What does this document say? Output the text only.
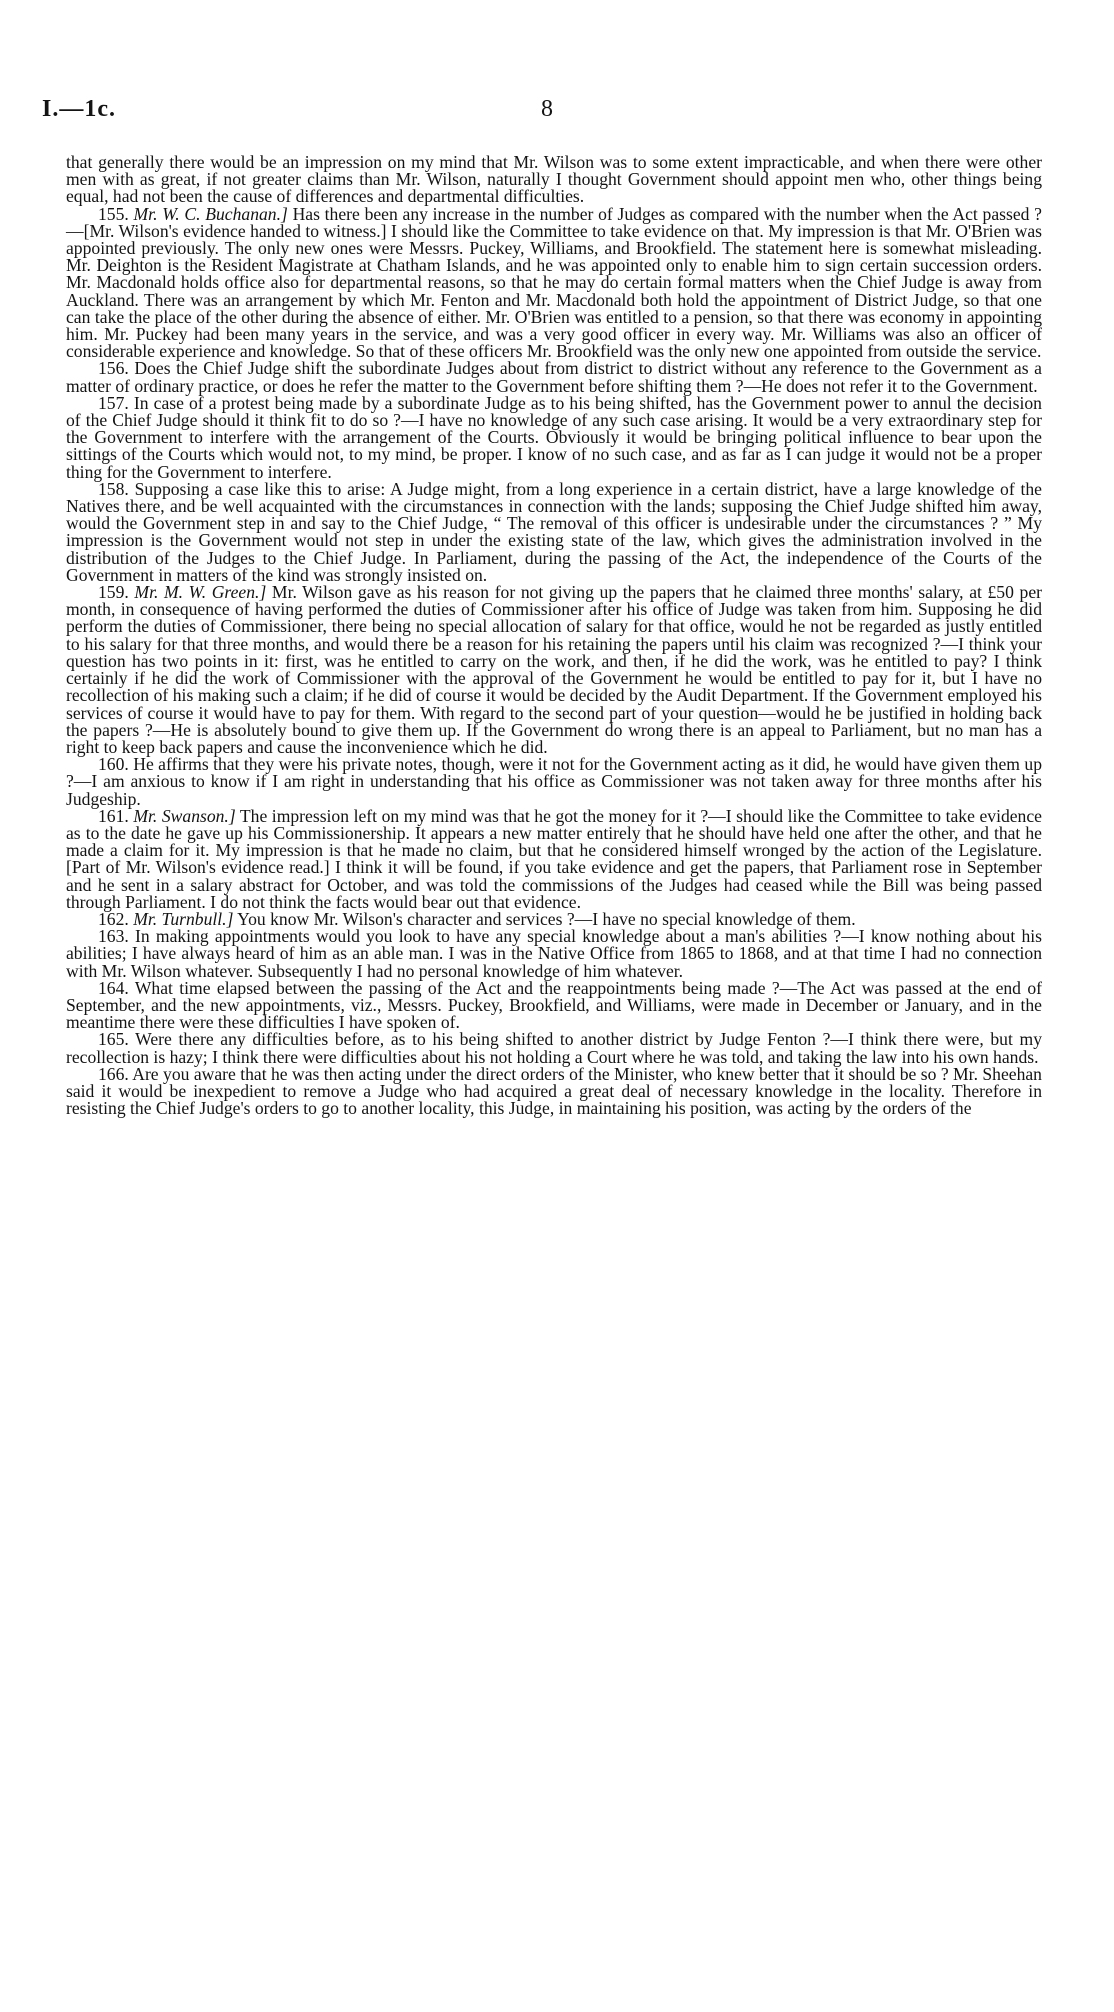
I.—1c.	8

that generally there would be an impression on my mind that Mr. Wilson was to some extent impracticable, and when there were other men with as great, if not greater claims than Mr. Wilson, naturally I thought Government should appoint men who, other things being equal, had not been the cause of differences and departmental difficulties.

155. Mr. W. C. Buchanan.] Has there been any increase in the number of Judges as compared with the number when the Act passed ?—[Mr. Wilson's evidence handed to witness.] I should like the Committee to take evidence on that. My impression is that Mr. O'Brien was appointed previously. The only new ones were Messrs. Puckey, Williams, and Brookfield. The statement here is somewhat misleading. Mr. Deighton is the Resident Magistrate at Chatham Islands, and he was appointed only to enable him to sign certain succession orders. Mr. Macdonald holds office also for departmental reasons, so that he may do certain formal matters when the Chief Judge is away from Auckland. There was an arrangement by which Mr. Fenton and Mr. Macdonald both hold the appointment of District Judge, so that one can take the place of the other during the absence of either. Mr. O'Brien was entitled to a pension, so that there was economy in appointing him. Mr. Puckey had been many years in the service, and was a very good officer in every way. Mr. Williams was also an officer of considerable experience and knowledge. So that of these officers Mr. Brookfield was the only new one appointed from outside the service.

156. Does the Chief Judge shift the subordinate Judges about from district to district without any reference to the Government as a matter of ordinary practice, or does he refer the matter to the Government before shifting them ?—He does not refer it to the Government.

157. In case of a protest being made by a subordinate Judge as to his being shifted, has the Government power to annul the decision of the Chief Judge should it think fit to do so ?—I have no knowledge of any such case arising. It would be a very extraordinary step for the Government to interfere with the arrangement of the Courts. Obviously it would be bringing political influence to bear upon the sittings of the Courts which would not, to my mind, be proper. I know of no such case, and as far as I can judge it would not be a proper thing for the Government to interfere.

158. Supposing a case like this to arise: A Judge might, from a long experience in a certain district, have a large knowledge of the Natives there, and be well acquainted with the circumstances in connection with the lands; supposing the Chief Judge shifted him away, would the Government step in and say to the Chief Judge, “ The removal of this officer is undesirable under the circumstances ? ” My impression is the Government would not step in under the existing state of the law, which gives the administration involved in the distribution of the Judges to the Chief Judge. In Parliament, during the passing of the Act, the independence of the Courts of the Government in matters of the kind was strongly insisted on.

159. Mr. M. W. Green.] Mr. Wilson gave as his reason for not giving up the papers that he claimed three months' salary, at £50 per month, in consequence of having performed the duties of Commissioner after his office of Judge was taken from him. Supposing he did perform the duties of Commissioner, there being no special allocation of salary for that office, would he not be regarded as justly entitled to his salary for that three months, and would there be a reason for his retaining the papers until his claim was recognized ?—I think your question has two points in it: first, was he entitled to carry on the work, and then, if he did the work, was he entitled to pay? I think certainly if he did the work of Commissioner with the approval of the Government he would be entitled to pay for it, but I have no recollection of his making such a claim; if he did of course it would be decided by the Audit Department. If the Government employed his services of course it would have to pay for them. With regard to the second part of your question—would he be justified in holding back the papers ?—He is absolutely bound to give them up. If the Government do wrong there is an appeal to Parliament, but no man has a right to keep back papers and cause the inconvenience which he did.

160. He affirms that they were his private notes, though, were it not for the Government acting as it did, he would have given them up ?—I am anxious to know if I am right in understanding that his office as Commissioner was not taken away for three months after his Judgeship.

161. Mr. Swanson.] The impression left on my mind was that he got the money for it ?—I should like the Committee to take evidence as to the date he gave up his Commissionership. It appears a new matter entirely that he should have held one after the other, and that he made a claim for it. My impression is that he made no claim, but that he considered himself wronged by the action of the Legislature. [Part of Mr. Wilson's evidence read.] I think it will be found, if you take evidence and get the papers, that Parliament rose in September and he sent in a salary abstract for October, and was told the commissions of the Judges had ceased while the Bill was being passed through Parliament. I do not think the facts would bear out that evidence.

162. Mr. Turnbull.] You know Mr. Wilson's character and services ?—I have no special knowledge of them.

163. In making appointments would you look to have any special knowledge about a man's abilities ?—I know nothing about his abilities; I have always heard of him as an able man. I was in the Native Office from 1865 to 1868, and at that time I had no connection with Mr. Wilson whatever. Subsequently I had no personal knowledge of him whatever.

164. What time elapsed between the passing of the Act and the reappointments being made ?—The Act was passed at the end of September, and the new appointments, viz., Messrs. Puckey, Brookfield, and Williams, were made in December or January, and in the meantime there were these difficulties I have spoken of.

165. Were there any difficulties before, as to his being shifted to another district by Judge Fenton ?—I think there were, but my recollection is hazy; I think there were difficulties about his not holding a Court where he was told, and taking the law into his own hands.

166. Are you aware that he was then acting under the direct orders of the Minister, who knew better that it should be so ? Mr. Sheehan said it would be inexpedient to remove a Judge who had acquired a great deal of necessary knowledge in the locality. Therefore in resisting the Chief Judge's orders to go to another locality, this Judge, in maintaining his position, was acting by the orders of the
